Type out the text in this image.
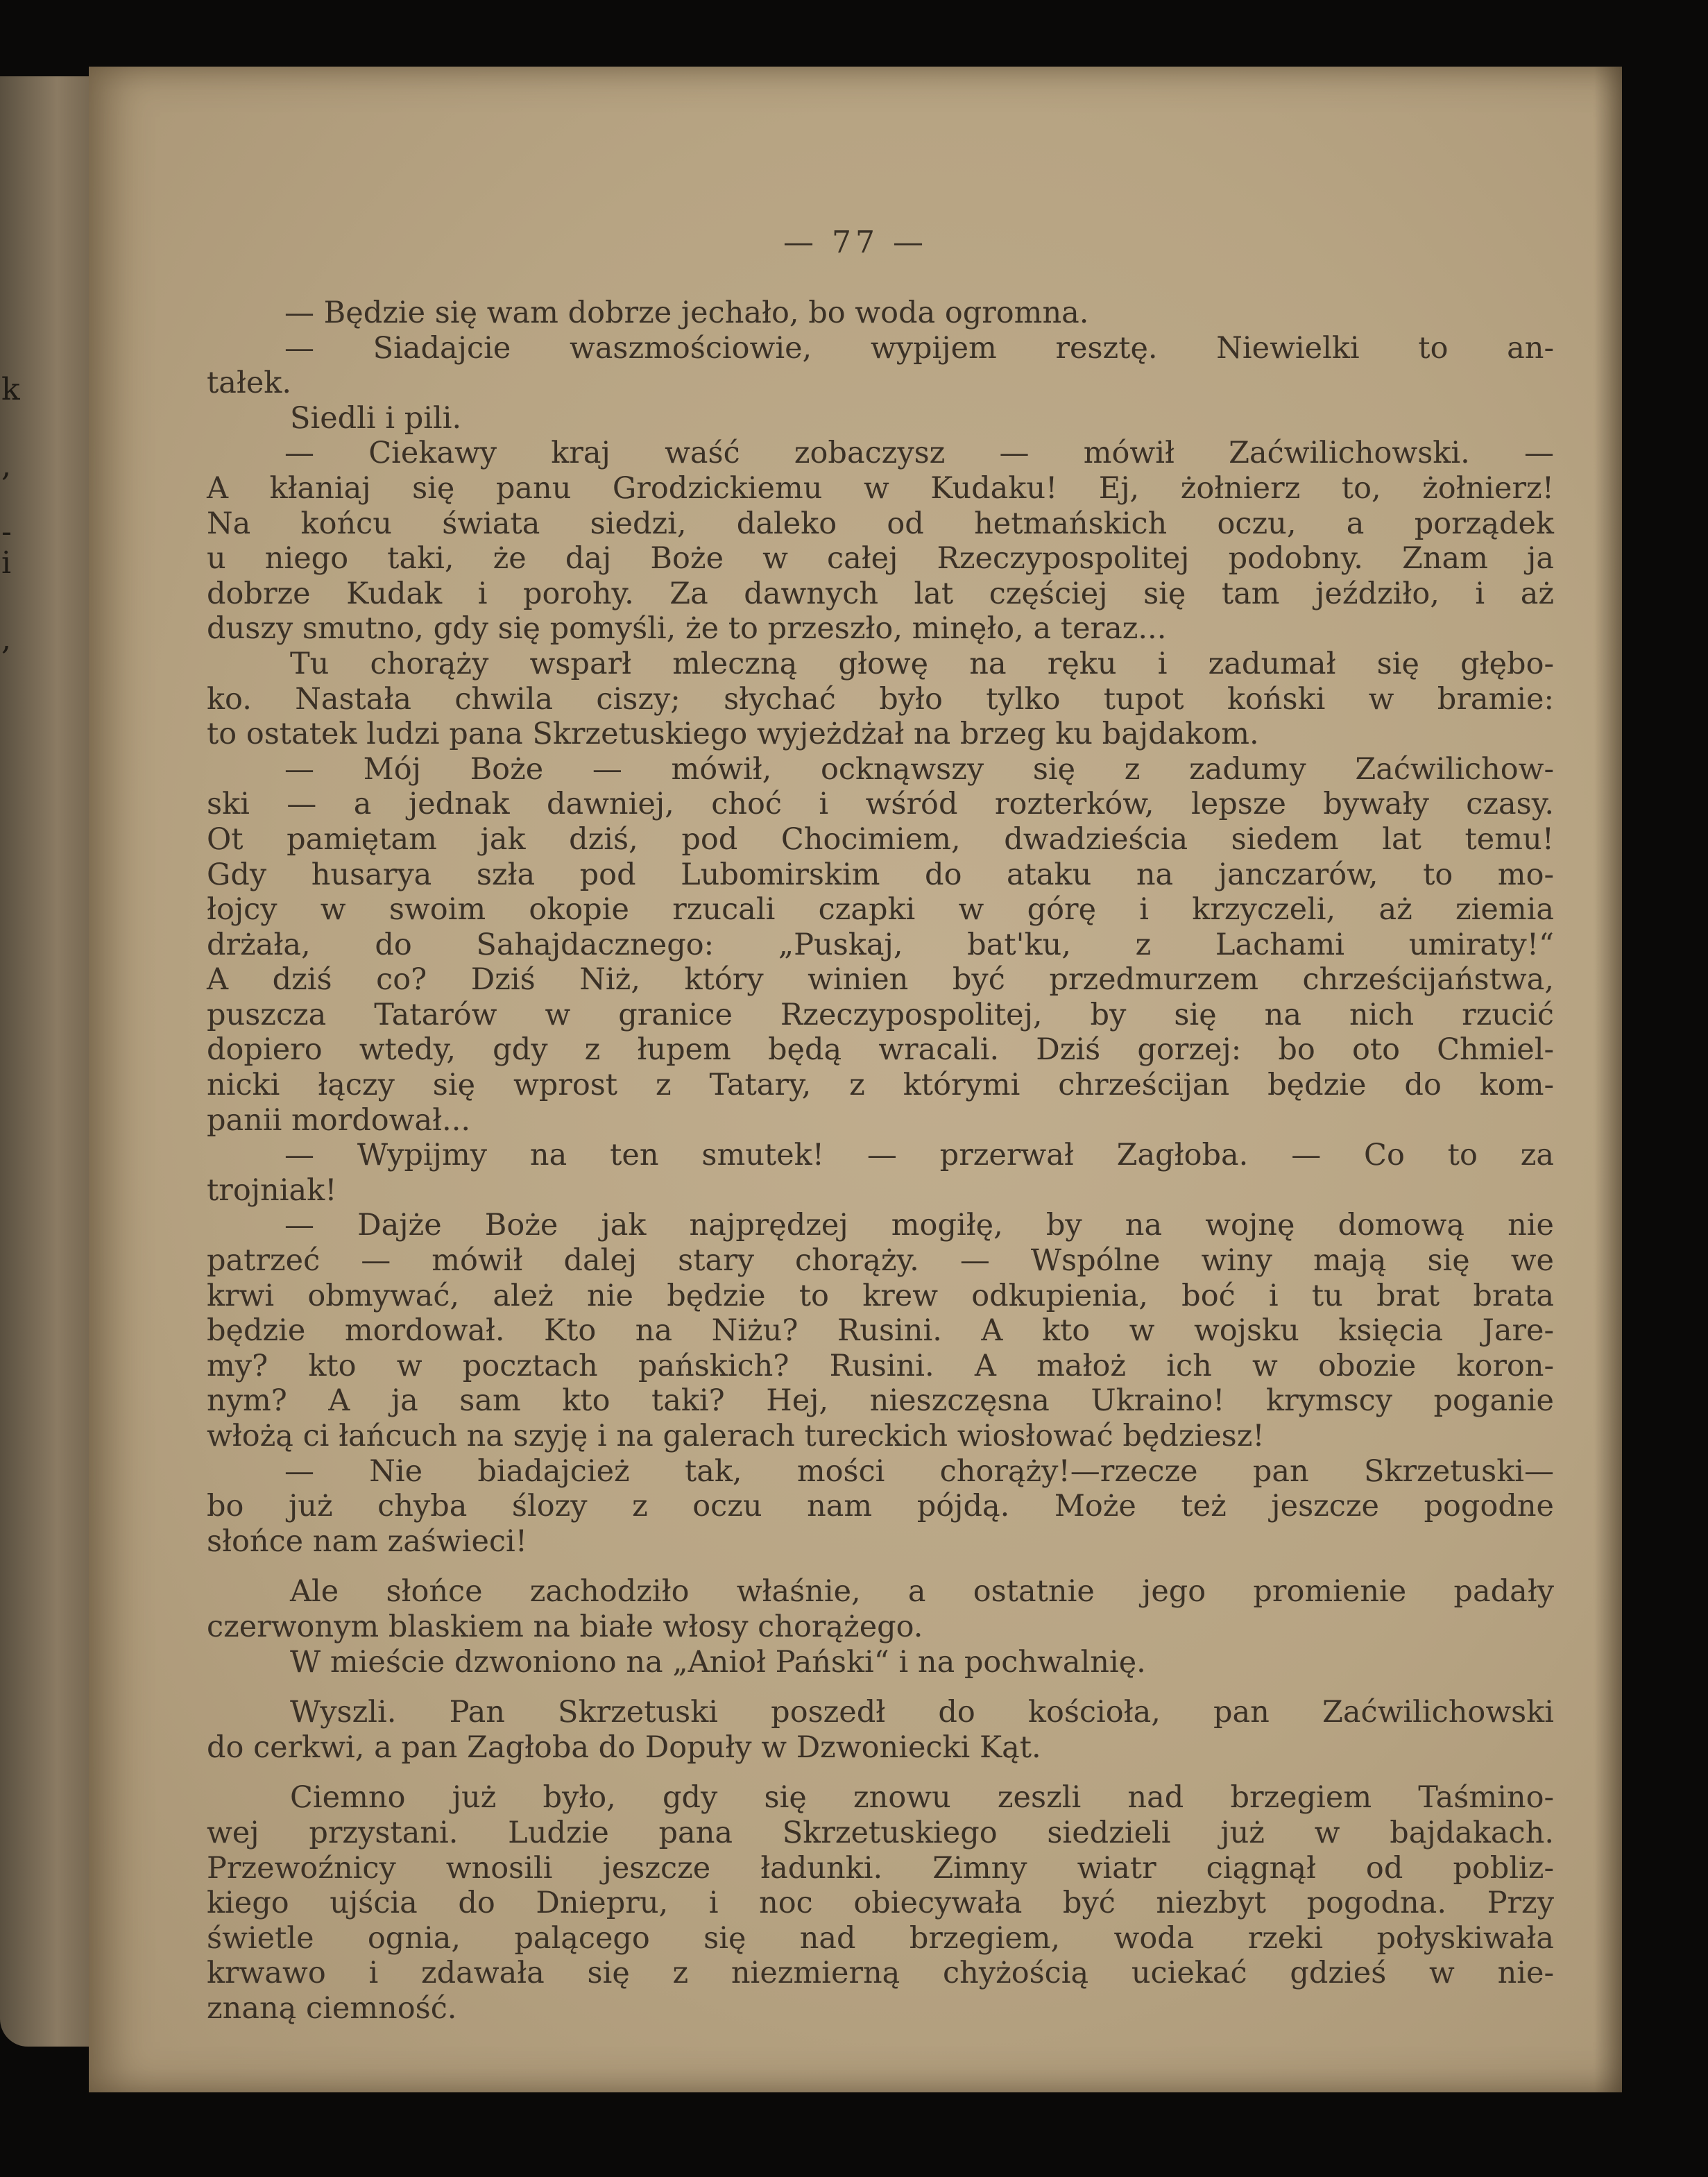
k
,
-
i
,
— 77 —
— Będzie się wam dobrze jechało, bo woda ogromna.
— Siadajcie waszmościowie, wypijem resztę. Niewielki to an-
tałek.
Siedli i pili.
— Ciekawy kraj waść zobaczysz — mówił Zaćwilichowski. —
A kłaniaj się panu Grodzickiemu w Kudaku! Ej, żołnierz to, żołnierz!
Na końcu świata siedzi, daleko od hetmańskich oczu, a porządek
u niego taki, że daj Boże w całej Rzeczypospolitej podobny. Znam ja
dobrze Kudak i porohy. Za dawnych lat częściej się tam jeździło, i aż
duszy smutno, gdy się pomyśli, że to przeszło, minęło, a teraz...
Tu chorąży wsparł mleczną głowę na ręku i zadumał się głębo-
ko. Nastała chwila ciszy; słychać było tylko tupot koński w bramie:
to ostatek ludzi pana Skrzetuskiego wyjeżdżał na brzeg ku bajdakom.
— Mój Boże — mówił, ocknąwszy się z zadumy Zaćwilichow-
ski — a jednak dawniej, choć i wśród rozterków, lepsze bywały czasy.
Ot pamiętam jak dziś, pod Chocimiem, dwadzieścia siedem lat temu!
Gdy husarya szła pod Lubomirskim do ataku na janczarów, to mo-
łojcy w swoim okopie rzucali czapki w górę i krzyczeli, aż ziemia
drżała, do Sahajdacznego: „Puskaj, bat'ku, z Lachami umiraty!“
A dziś co? Dziś Niż, który winien być przedmurzem chrześcijaństwa,
puszcza Tatarów w granice Rzeczypospolitej, by się na nich rzucić
dopiero wtedy, gdy z łupem będą wracali. Dziś gorzej: bo oto Chmiel-
nicki łączy się wprost z Tatary, z którymi chrześcijan będzie do kom-
panii mordował...
— Wypijmy na ten smutek! — przerwał Zagłoba. — Co to za
trojniak!
— Dajże Boże jak najprędzej mogiłę, by na wojnę domową nie
patrzeć — mówił dalej stary chorąży. — Wspólne winy mają się we
krwi obmywać, ależ nie będzie to krew odkupienia, boć i tu brat brata
będzie mordował. Kto na Niżu? Rusini. A kto w wojsku księcia Jare-
my? kto w pocztach pańskich? Rusini. A małoż ich w obozie koron-
nym? A ja sam kto taki? Hej, nieszczęsna Ukraino! krymscy poganie
włożą ci łańcuch na szyję i na galerach tureckich wiosłować będziesz!
— Nie biadajcież tak, mości chorąży!—rzecze pan Skrzetuski—
bo już chyba ślozy z oczu nam pójdą. Może też jeszcze pogodne
słońce nam zaświeci!
Ale słońce zachodziło właśnie, a ostatnie jego promienie padały
czerwonym blaskiem na białe włosy chorążego.
W mieście dzwoniono na „Anioł Pański“ i na pochwalnię.
Wyszli. Pan Skrzetuski poszedł do kościoła, pan Zaćwilichowski
do cerkwi, a pan Zagłoba do Dopuły w Dzwoniecki Kąt.
Ciemno już było, gdy się znowu zeszli nad brzegiem Taśmino-
wej przystani. Ludzie pana Skrzetuskiego siedzieli już w bajdakach.
Przewoźnicy wnosili jeszcze ładunki. Zimny wiatr ciągnął od pobliz-
kiego ujścia do Dniepru, i noc obiecywała być niezbyt pogodna. Przy
świetle ognia, palącego się nad brzegiem, woda rzeki połyskiwała
krwawo i zdawała się z niezmierną chyżością uciekać gdzieś w nie-
znaną ciemność.
